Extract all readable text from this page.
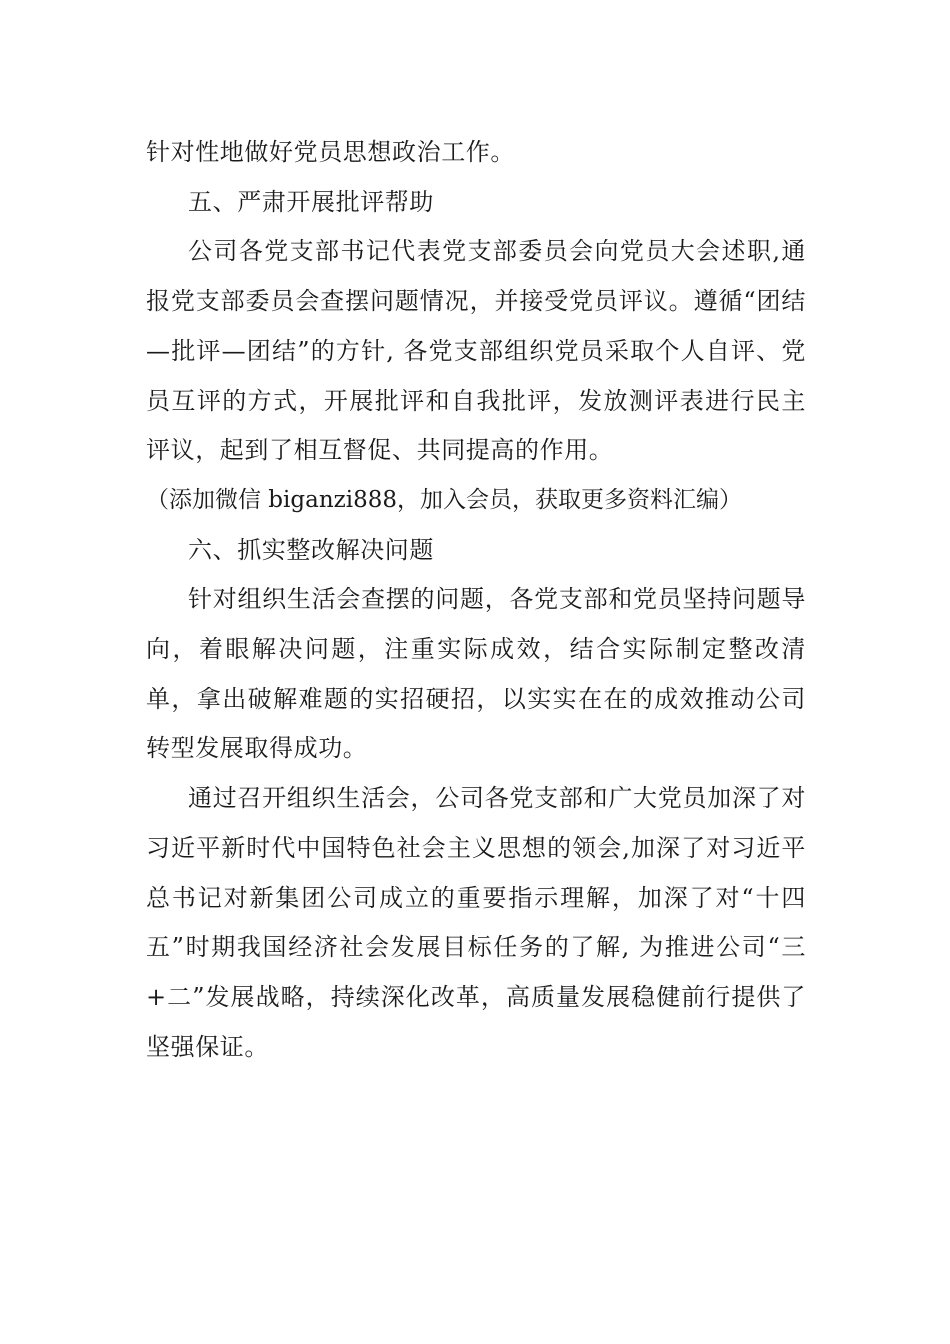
针对性地做好党员思想政治工作。

五、严肃开展批评帮助

公司各党支部书记代表党支部委员会向党员大会述职,通报党支部委员会查摆问题情况，并接受党员评议。遵循“团结—批评—团结”的方针, 各党支部组织党员采取个人自评、党员互评的方式，开展批评和自我批评，发放测评表进行民主评议，起到了相互督促、共同提高的作用。

（添加微信 biganzi888，加入会员，获取更多资料汇编）

六、抓实整改解决问题

针对组织生活会查摆的问题，各党支部和党员坚持问题导向，着眼解决问题，注重实际成效，结合实际制定整改清单，拿出破解难题的实招硬招，以实实在在的成效推动公司转型发展取得成功。

通过召开组织生活会，公司各党支部和广大党员加深了对习近平新时代中国特色社会主义思想的领会,加深了对习近平总书记对新集团公司成立的重要指示理解，加深了对“十四五”时期我国经济社会发展目标任务的了解, 为推进公司“三+二”发展战略，持续深化改革，高质量发展稳健前行提供了坚强保证。
